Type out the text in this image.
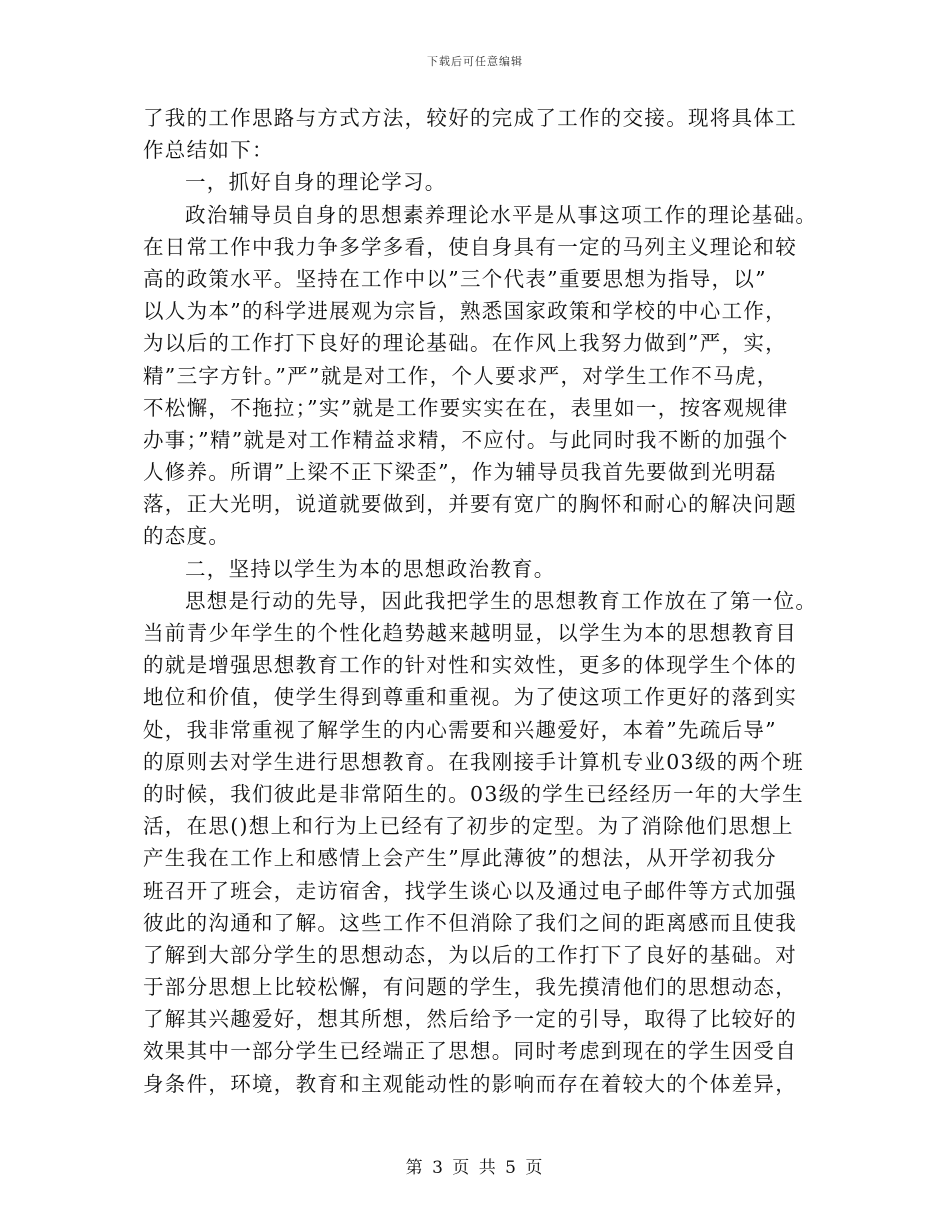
下载后可任意编辑
了我的工作思路与方式方法，较好的完成了工作的交接。现将具体工
作总结如下：
一，抓好自身的理论学习。
政治辅导员自身的思想素养理论水平是从事这项工作的理论基础。
在日常工作中我力争多学多看，使自身具有一定的马列主义理论和较
高的政策水平。坚持在工作中以”三个代表”重要思想为指导，以”
以人为本”的科学进展观为宗旨，熟悉国家政策和学校的中心工作，
为以后的工作打下良好的理论基础。在作风上我努力做到”严，实，
精”三字方针。”严”就是对工作，个人要求严，对学生工作不马虎，
不松懈，不拖拉；”实”就是工作要实实在在，表里如一，按客观规律
办事；”精”就是对工作精益求精，不应付。与此同时我不断的加强个
人修养。所谓”上梁不正下梁歪”，作为辅导员我首先要做到光明磊
落，正大光明，说道就要做到，并要有宽广的胸怀和耐心的解决问题
的态度。
二，坚持以学生为本的思想政治教育。
思想是行动的先导，因此我把学生的思想教育工作放在了第一位。
当前青少年学生的个性化趋势越来越明显，以学生为本的思想教育目
的就是增强思想教育工作的针对性和实效性，更多的体现学生个体的
地位和价值，使学生得到尊重和重视。为了使这项工作更好的落到实
处，我非常重视了解学生的内心需要和兴趣爱好，本着”先疏后导”
的原则去对学生进行思想教育。在我刚接手计算机专业03级的两个班
的时候，我们彼此是非常陌生的。03级的学生已经经历一年的大学生
活，在思()想上和行为上已经有了初步的定型。为了消除他们思想上
产生我在工作上和感情上会产生”厚此薄彼”的想法，从开学初我分
班召开了班会，走访宿舍，找学生谈心以及通过电子邮件等方式加强
彼此的沟通和了解。这些工作不但消除了我们之间的距离感而且使我
了解到大部分学生的思想动态，为以后的工作打下了良好的基础。对
于部分思想上比较松懈，有问题的学生，我先摸清他们的思想动态，
了解其兴趣爱好，想其所想，然后给予一定的引导，取得了比较好的
效果其中一部分学生已经端正了思想。同时考虑到现在的学生因受自
身条件，环境，教育和主观能动性的影响而存在着较大的个体差异，
第 3 页 共 5 页
